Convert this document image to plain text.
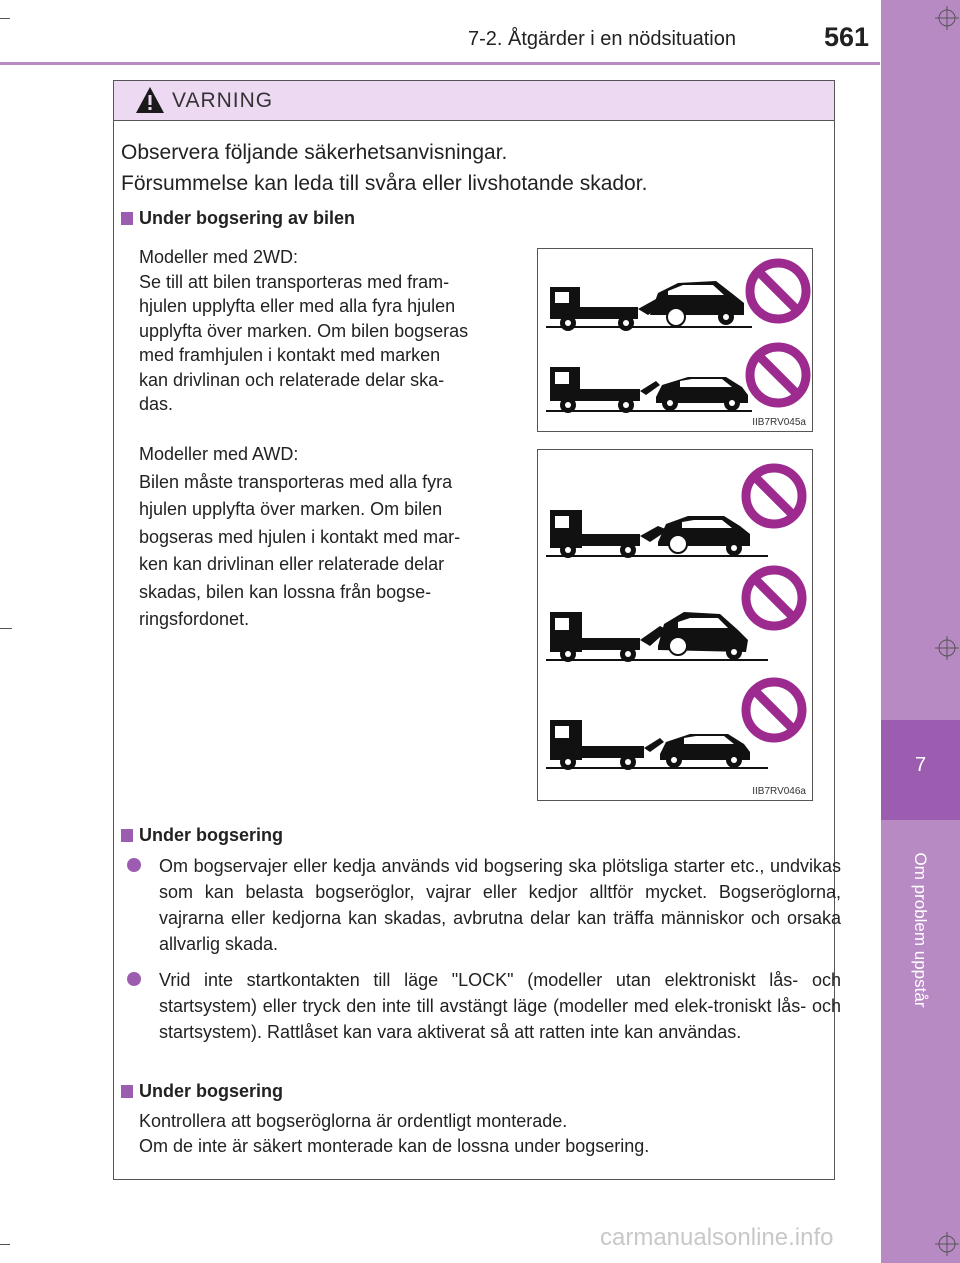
7
Om problem uppstår
7-2. Åtgärder i en nödsituation	561
VARNING
Observera följande säkerhetsanvisningar.
Försummelse kan leda till svåra eller livshotande skador.
Under bogsering av bilen

Modeller med 2WD:
Se till att bilen transporteras med fram-
hjulen upplyfta eller med alla fyra hjulen
upplyfta över marken. Om bilen bogseras
med framhjulen i kontakt med marken
kan drivlinan och relaterade delar ska-
das.

Modeller med AWD:
Bilen måste transporteras med alla fyra
hjulen upplyfta över marken. Om bilen
bogseras med hjulen i kontakt med mar-
ken kan drivlinan eller relaterade delar
skadas, bilen kan lossna från bogse-
ringsfordonet.

Under bogsering

Om bogservajer eller kedja används vid bogsering ska plötsliga starter etc., undvikas som kan belasta bogseröglor, vajrar eller kedjor alltför mycket. Bogseröglorna, vajrarna eller kedjorna kan skadas, avbrutna delar kan träffa människor och orsaka allvarlig skada.

Vrid inte startkontakten till läge "LOCK" (modeller utan elektroniskt lås- och startsystem) eller tryck den inte till avstängt läge (modeller med elek-troniskt lås- och startsystem). Rattlåset kan vara aktiverat så att ratten inte kan användas.

Under bogsering

Kontrollera att bogseröglorna är ordentligt monterade.

Om de inte är säkert monterade kan de lossna under bogsering.

IIB7RV045a
IIB7RV046a
carmanualsonline.info
